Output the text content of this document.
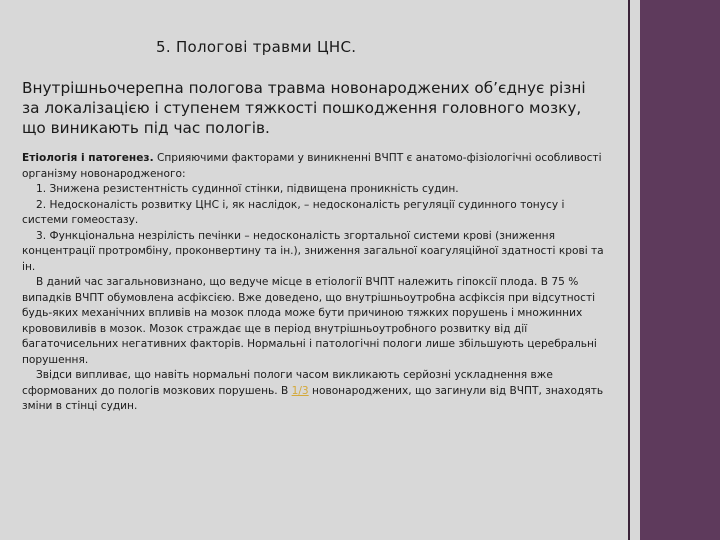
5. Пологові травми ЦНС.

Внутрішньочерепна пологова травма новонароджених об’єднує різні за локалізацією і ступенем тяжкості пошкодження головного мозку, що виникають під час пологів.

Етіологія і патогенез. Сприяючими факторами у виникненні ВЧПТ є анатомо-фізіологічні особливості організму новонародженого:

1. Знижена резистентність судинної стінки, підвищена проникність судин.

2. Недосконалість розвитку ЦНС і, як наслідок, – недосконалість регуляції судинного тонусу і системи гомеостазу.

3. Функціональна незрілість печінки – недосконалість згортальної системи крові (зниження концентрації протромбіну, проконвертину та ін.), зниження загальної коагуляційної здатності крові та ін.

В даний час загальновизнано, що ведуче місце в етіології ВЧПТ належить гіпоксії плода. В 75 % випадків ВЧПТ обумовлена асфіксією. Вже доведено, що внутрішньоутробна асфіксія при відсутності будь-яких механічних впливів на мозок плода може бути причиною тяжких порушень і множинних крововиливів в мозок. Мозок страждає ще в період внутрішньоутробного розвитку від дії багаточисельних негативних факторів. Нормальні і патологічні пологи лише збільшують церебральні порушення.

Звідси випливає, що навіть нормальні пологи часом викликають серйозні ускладнення вже сформованих до пологів мозкових порушень. В 1/3 новонароджених, що загинули від ВЧПТ, знаходять зміни в стінці судин.
